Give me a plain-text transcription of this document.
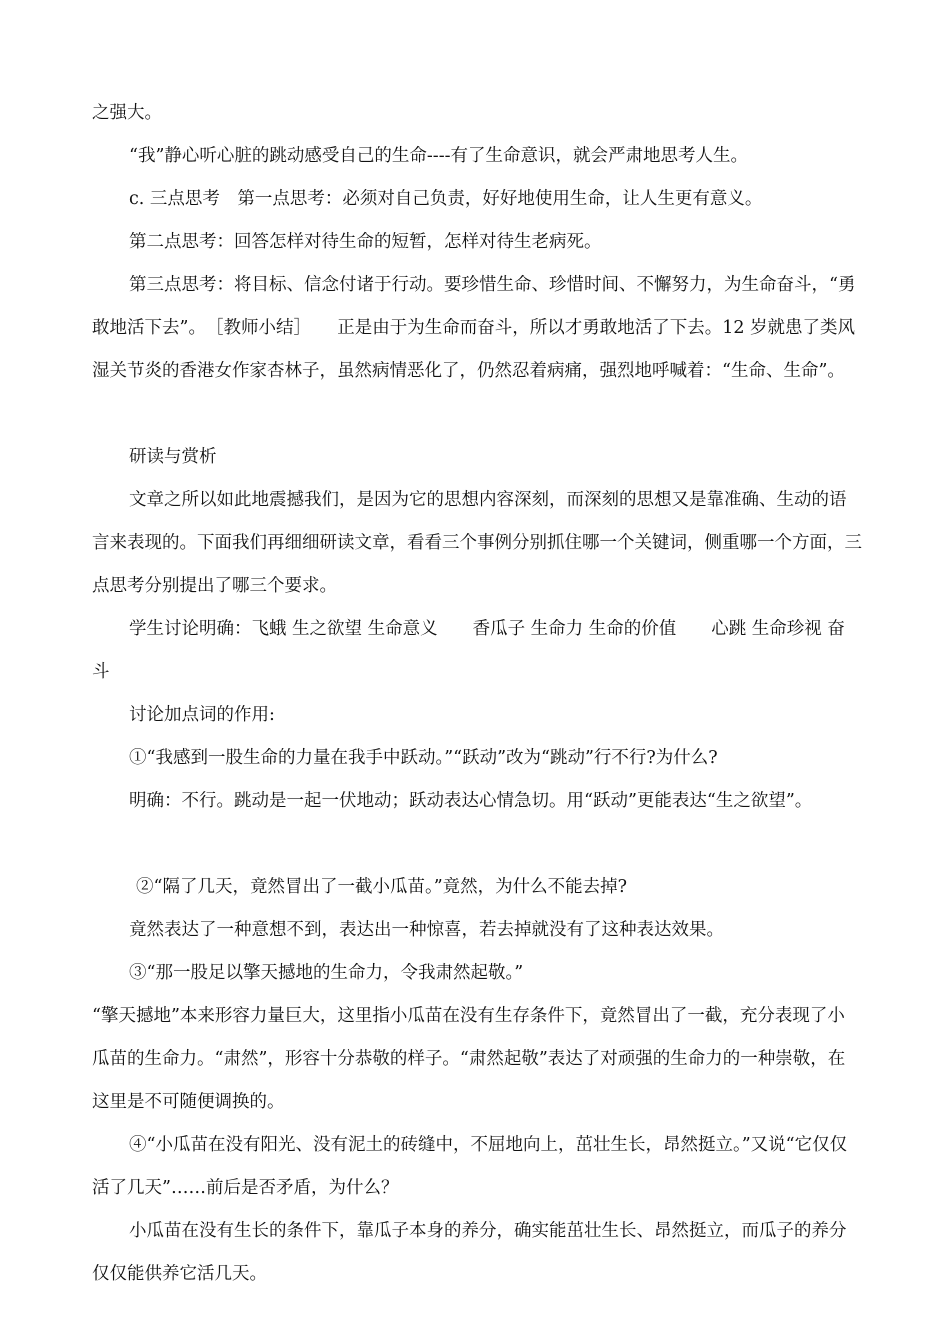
之强大。

“我”静心听心脏的跳动感受自己的生命----有了生命意识，就会严肃地思考人生。

c. 三点思考　第一点思考：必须对自己负责，好好地使用生命，让人生更有意义。

第二点思考：回答怎样对待生命的短暂，怎样对待生老病死。

第三点思考：将目标、信念付诸于行动。要珍惜生命、珍惜时间、不懈努力，为生命奋斗，“勇敢地活下去”。　［教师小结］　　正是由于为生命而奋斗，所以才勇敢地活了下去。12 岁就患了类风湿关节炎的香港女作家杏林子，虽然病情恶化了，仍然忍着病痛，强烈地呼喊着：“生命、生命”。

研读与赏析

文章之所以如此地震撼我们，是因为它的思想内容深刻，而深刻的思想又是靠准确、生动的语言来表现的。下面我们再细细研读文章，看看三个事例分别抓住哪一个关键词，侧重哪一个方面，三点思考分别提出了哪三个要求。

学生讨论明确：飞蛾 生之欲望 生命意义　　香瓜子 生命力 生命的价值　　心跳 生命珍视 奋斗

讨论加点词的作用:

①“我感到一股生命的力量在我手中跃动。”“跃动”改为“跳动”行不行?为什么?

明确：不行。跳动是一起一伏地动；跃动表达心情急切。用“跃动”更能表达“生之欲望”。

②“隔了几天，竟然冒出了一截小瓜苗。”竟然，为什么不能去掉?

竟然表达了一种意想不到，表达出一种惊喜，若去掉就没有了这种表达效果。

③“那一股足以擎天撼地的生命力，令我肃然起敬。”

“擎天撼地”本来形容力量巨大，这里指小瓜苗在没有生存条件下，竟然冒出了一截，充分表现了小瓜苗的生命力。“肃然”，形容十分恭敬的样子。“肃然起敬”表达了对顽强的生命力的一种崇敬，在这里是不可随便调换的。

④“小瓜苗在没有阳光、没有泥土的砖缝中，不屈地向上，茁壮生长，昂然挺立。”又说“它仅仅活了几天”……前后是否矛盾，为什么？

小瓜苗在没有生长的条件下，靠瓜子本身的养分，确实能茁壮生长、昂然挺立，而瓜子的养分仅仅能供养它活几天。
